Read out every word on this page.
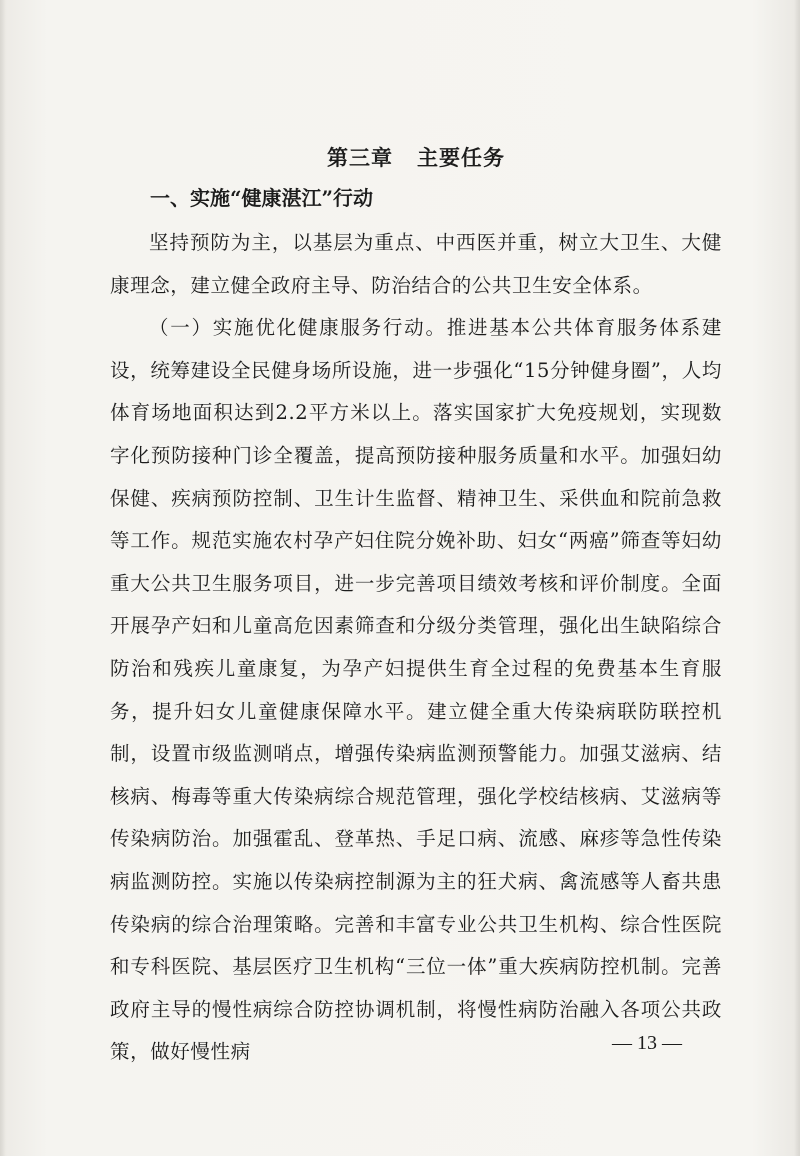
第三章 主要任务
一、实施“健康湛江”行动

坚持预防为主，以基层为重点、中西医并重，树立大卫生、大健康理念，建立健全政府主导、防治结合的公共卫生安全体系。

（一）实施优化健康服务行动。推进基本公共体育服务体系建设，统筹建设全民健身场所设施，进一步强化“15分钟健身圈”，人均体育场地面积达到2.2平方米以上。落实国家扩大免疫规划，实现数字化预防接种门诊全覆盖，提高预防接种服务质量和水平。加强妇幼保健、疾病预防控制、卫生计生监督、精神卫生、采供血和院前急救等工作。规范实施农村孕产妇住院分娩补助、妇女“两癌”筛查等妇幼重大公共卫生服务项目，进一步完善项目绩效考核和评价制度。全面开展孕产妇和儿童高危因素筛查和分级分类管理，强化出生缺陷综合防治和残疾儿童康复，为孕产妇提供生育全过程的免费基本生育服务，提升妇女儿童健康保障水平。建立健全重大传染病联防联控机制，设置市级监测哨点，增强传染病监测预警能力。加强艾滋病、结核病、梅毒等重大传染病综合规范管理，强化学校结核病、艾滋病等传染病防治。加强霍乱、登革热、手足口病、流感、麻疹等急性传染病监测防控。实施以传染病控制源为主的狂犬病、禽流感等人畜共患传染病的综合治理策略。完善和丰富专业公共卫生机构、综合性医院和专科医院、基层医疗卫生机构“三位一体”重大疾病防控机制。完善政府主导的慢性病综合防控协调机制，将慢性病防治融入各项公共政策，做好慢性病	— 13 —
